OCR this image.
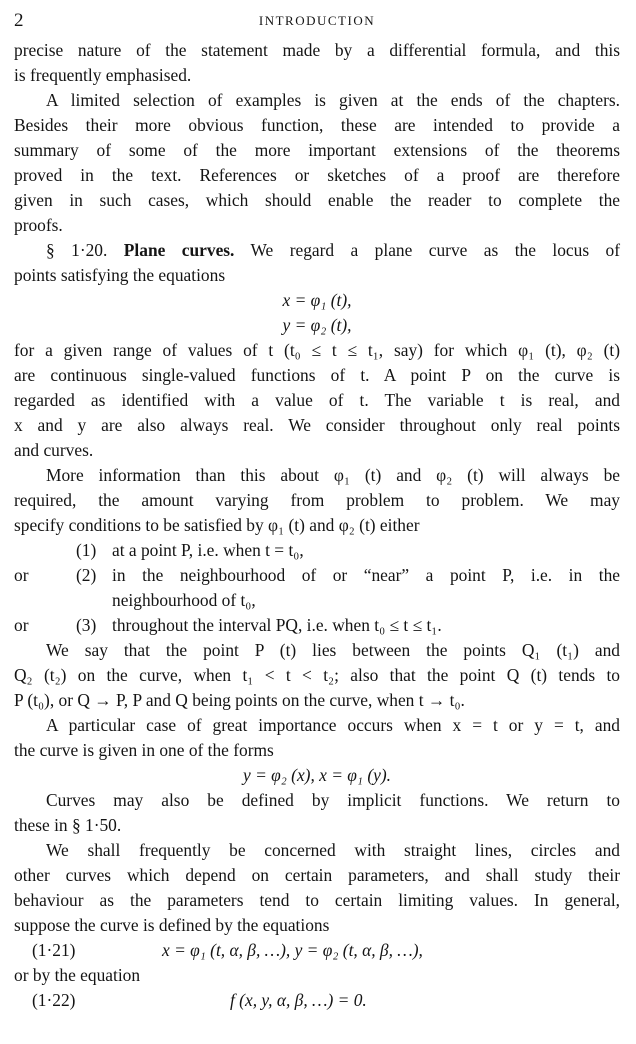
2	INTRODUCTION
precise nature of the statement made by a differential formula, and this
is frequently emphasised.
A limited selection of examples is given at the ends of the chapters.
Besides their more obvious function, these are intended to provide a
summary of some of the more important extensions of the theorems
proved in the text. References or sketches of a proof are therefore
given in such cases, which should enable the reader to complete the
proofs.
§ 1·20. Plane curves. We regard a plane curve as the locus of
points satisfying the equations
x = φ₁ (t),
y = φ₂ (t),
for a given range of values of t (t₀ ≤ t ≤ t₁, say) for which φ₁ (t), φ₂ (t)
are continuous single-valued functions of t. A point P on the curve is
regarded as identified with a value of t. The variable t is real, and
x and y are also always real. We consider throughout only real points
and curves.
More information than this about φ₁ (t) and φ₂ (t) will always be
required, the amount varying from problem to problem. We may
specify conditions to be satisfied by φ₁ (t) and φ₂ (t) either
(1) at a point P, i.e. when t = t₀,
or	(2) in the neighbourhood of or “near” a point P, i.e. in the
neighbourhood of t₀,
or	(3) throughout the interval PQ, i.e. when t₀ ≤ t ≤ t₁.
We say that the point P (t) lies between the points Q₁ (t₁) and
Q₂ (t₂) on the curve, when t₁ < t < t₂; also that the point Q (t) tends to
P (t₀), or Q → P, P and Q being points on the curve, when t → t₀.
A particular case of great importance occurs when x = t or y = t, and
the curve is given in one of the forms
y = φ₂ (x), x = φ₁ (y).
Curves may also be defined by implicit functions. We return to
these in § 1·50.
We shall frequently be concerned with straight lines, circles and
other curves which depend on certain parameters, and shall study their
behaviour as the parameters tend to certain limiting values. In general,
suppose the curve is defined by the equations
(1·21)	x = φ₁ (t, α, β, …), y = φ₂ (t, α, β, …),
or by the equation
(1·22)	f (x, y, α, β, …) = 0.
